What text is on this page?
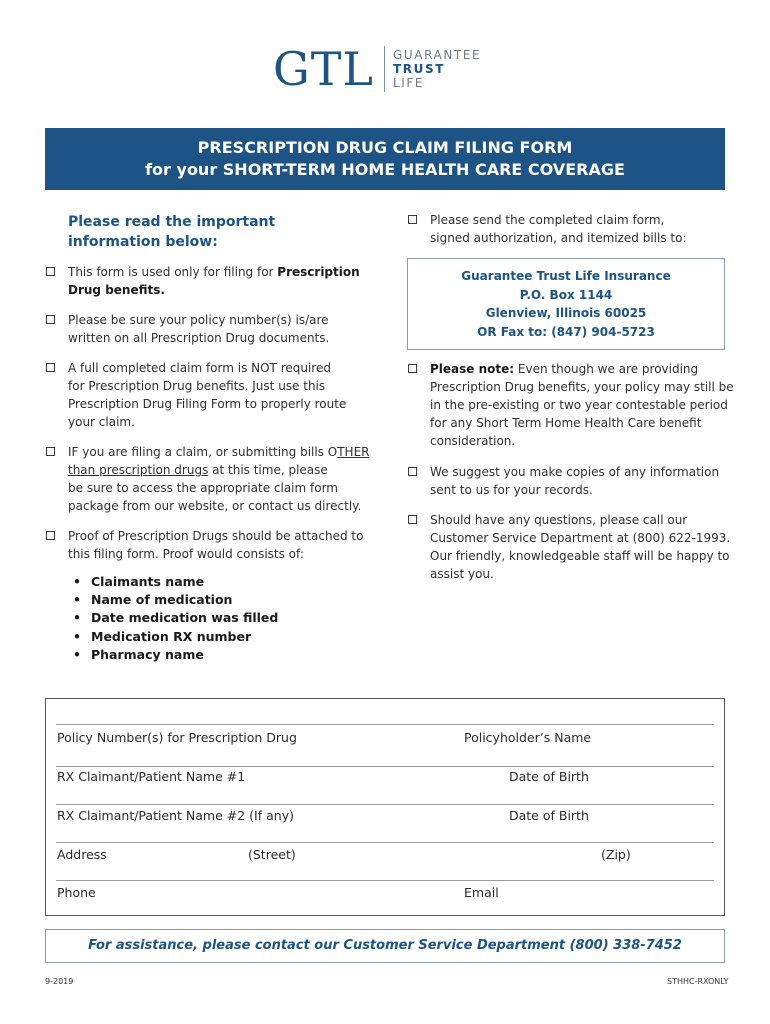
GTL GUARANTEE
TRUST
LIFE
PRESCRIPTION DRUG CLAIM FILING FORM
for your SHORT-TERM HOME HEALTH CARE COVERAGE
Please read the important
information below:
This form is used only for filing for Prescription
Drug benefits.
Please be sure your policy number(s) is/are
written on all Prescription Drug documents.
A full completed claim form is NOT required
for Prescription Drug benefits. Just use this
Prescription Drug Filing Form to properly route
your claim.
IF you are filing a claim, or submitting bills OTHER
than prescription drugs at this time, please
be sure to access the appropriate claim form
package from our website, or contact us directly.
Proof of Prescription Drugs should be attached to
this filing form. Proof would consists of:
• Claimants name
• Name of medication
• Date medication was filled
• Medication RX number
• Pharmacy name
Please send the completed claim form,
signed authorization, and itemized bills to:
Guarantee Trust Life Insurance
P.O. Box 1144
Glenview, Illinois 60025
OR Fax to: (847) 904-5723
Please note: Even though we are providing
Prescription Drug benefits, your policy may still be
in the pre-existing or two year contestable period
for any Short Term Home Health Care benefit
consideration.
We suggest you make copies of any information
sent to us for your records.
Should have any questions, please call our
Customer Service Department at (800) 622-1993.
Our friendly, knowledgeable staff will be happy to
assist you.
Policy Number(s) for Prescription Drug	Policyholder’s Name
RX Claimant/Patient Name #1	Date of Birth
RX Claimant/Patient Name #2 (If any)	Date of Birth
Address	(Street)	(Zip)
Phone	Email
For assistance, please contact our Customer Service Department (800) 338-7452
9-2019	STHHC-RXONLY
